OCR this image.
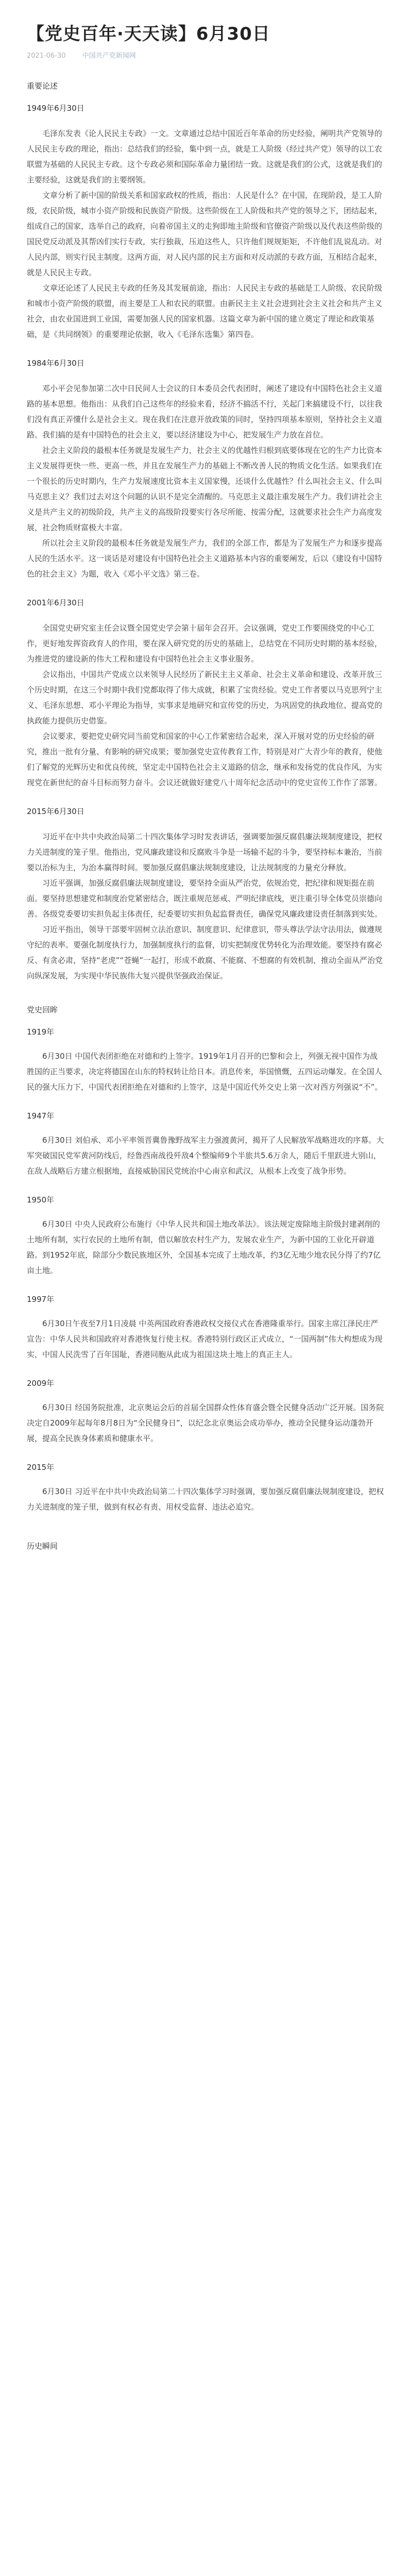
【党史百年·天天读】6月30日
2021-06-30 中国共产党新闻网
重要论述
1949年6月30日

毛泽东发表《论人民民主专政》一文。文章通过总结中国近百年革命的历史经验，阐明共产党领导的人民民主专政的理论，指出：总结我们的经验，集中到一点，就是工人阶级（经过共产党）领导的以工农联盟为基础的人民民主专政。这个专政必须和国际革命力量团结一致。这就是我们的公式，这就是我们的主要经验，这就是我们的主要纲领。

文章分析了新中国的阶级关系和国家政权的性质，指出：人民是什么？在中国，在现阶段，是工人阶级，农民阶级，城市小资产阶级和民族资产阶级。这些阶级在工人阶级和共产党的领导之下，团结起来，组成自己的国家，选举自己的政府，向着帝国主义的走狗即地主阶级和官僚资产阶级以及代表这些阶级的国民党反动派及其帮凶们实行专政，实行独裁，压迫这些人，只许他们规规矩矩，不许他们乱说乱动。对人民内部，则实行民主制度。这两方面，对人民内部的民主方面和对反动派的专政方面，互相结合起来，就是人民民主专政。

文章还论述了人民民主专政的任务及其发展前途，指出：人民民主专政的基础是工人阶级、农民阶级和城市小资产阶级的联盟，而主要是工人和农民的联盟。由新民主主义社会进到社会主义社会和共产主义社会，由农业国进到工业国，需要加强人民的国家机器。这篇文章为新中国的建立奠定了理论和政策基础，是《共同纲领》的重要理论依据，收入《毛泽东选集》第四卷。

1984年6月30日

邓小平会见参加第二次中日民间人士会议的日本委员会代表团时，阐述了建设有中国特色社会主义道路的基本思想。他指出：从我们自己这些年的经验来看，经济不搞活不行，关起门来搞建设不行，以往我们没有真正弄懂什么是社会主义。现在我们在注意开放政策的同时，坚持四项基本原则，坚持社会主义道路。我们搞的是有中国特色的社会主义，要以经济建设为中心，把发展生产力放在首位。

社会主义阶段的最根本任务就是发展生产力，社会主义的优越性归根到底要体现在它的生产力比资本主义发展得更快一些、更高一些，并且在发展生产力的基础上不断改善人民的物质文化生活。如果我们在一个很长的历史时期内，生产力发展速度比资本主义国家慢，还谈什么优越性？什么叫社会主义、什么叫马克思主义？我们过去对这个问题的认识不是完全清醒的。马克思主义最注重发展生产力。我们讲社会主义是共产主义的初级阶段，共产主义的高级阶段要实行各尽所能、按需分配，这就要求社会生产力高度发展，社会物质财富极大丰富。

所以社会主义阶段的最根本任务就是发展生产力，我们的全部工作，都是为了发展生产力和逐步提高人民的生活水平。这一谈话是对建设有中国特色社会主义道路基本内容的重要阐发，后以《建设有中国特色的社会主义》为题，收入《邓小平文选》第三卷。

2001年6月30日

全国党史研究室主任会议暨全国党史学会第十届年会召开。会议强调，党史工作要围绕党的中心工作，更好地发挥资政育人的作用，要在深入研究党的历史的基础上，总结党在不同历史时期的基本经验，为推进党的建设新的伟大工程和建设有中国特色社会主义事业服务。

会议指出，中国共产党成立以来领导人民经历了新民主主义革命、社会主义革命和建设、改革开放三个历史时期，在这三个时期中我们党都取得了伟大成就，积累了宝贵经验。党史工作者要以马克思列宁主义、毛泽东思想、邓小平理论为指导，实事求是地研究和宣传党的历史，为巩固党的执政地位、提高党的执政能力提供历史借鉴。

会议要求，要把党史研究同当前党和国家的中心工作紧密结合起来，深入开展对党的历史经验的研究，推出一批有分量、有影响的研究成果；要加强党史宣传教育工作，特别是对广大青少年的教育，使他们了解党的光辉历史和优良传统，坚定走中国特色社会主义道路的信念，继承和发扬党的优良作风，为实现党在新世纪的奋斗目标而努力奋斗。会议还就做好建党八十周年纪念活动中的党史宣传工作作了部署。

2015年6月30日

习近平在中共中央政治局第二十四次集体学习时发表讲话，强调要加强反腐倡廉法规制度建设，把权力关进制度的笼子里。他指出，党风廉政建设和反腐败斗争是一场输不起的斗争，要坚持标本兼治，当前要以治标为主，为治本赢得时间。要加强反腐倡廉法规制度建设，让法规制度的力量充分释放。

习近平强调，加强反腐倡廉法规制度建设，要坚持全面从严治党，依规治党，把纪律和规矩挺在前面。要坚持思想建党和制度治党紧密结合，既注重规范惩戒、严明纪律底线，更注重引导全体党员崇德向善。各级党委要切实担负起主体责任，纪委要切实担负起监督责任，确保党风廉政建设责任制落到实处。

习近平指出，领导干部要牢固树立法治意识、制度意识、纪律意识，带头尊法学法守法用法，做遵规守纪的表率。要强化制度执行力，加强制度执行的监督，切实把制度优势转化为治理效能。要坚持有腐必反、有贪必肃，坚持“老虎”“苍蝇”一起打，形成不敢腐、不能腐、不想腐的有效机制，推动全面从严治党向纵深发展，为实现中华民族伟大复兴提供坚强政治保证。

党史回眸
1919年

6月30日 中国代表团拒绝在对德和约上签字。1919年1月召开的巴黎和会上，列强无视中国作为战胜国的正当要求，决定将德国在山东的特权转让给日本。消息传来，举国愤慨，五四运动爆发。在全国人民的强大压力下，中国代表团拒绝在对德和约上签字，这是中国近代外交史上第一次对西方列强说“不”。

1947年

6月30日 刘伯承、邓小平率领晋冀鲁豫野战军主力强渡黄河，揭开了人民解放军战略进攻的序幕。大军突破国民党军黄河防线后，经鲁西南战役歼敌4个整编师9个半旅共5.6万余人，随后千里跃进大别山，在敌人战略后方建立根据地，直接威胁国民党统治中心南京和武汉，从根本上改变了战争形势。

1950年

6月30日 中央人民政府公布施行《中华人民共和国土地改革法》。该法规定废除地主阶级封建剥削的土地所有制，实行农民的土地所有制，借以解放农村生产力，发展农业生产，为新中国的工业化开辟道路。到1952年底，除部分少数民族地区外，全国基本完成了土地改革，约3亿无地少地农民分得了约7亿亩土地。

1997年

6月30日午夜至7月1日凌晨 中英两国政府香港政权交接仪式在香港隆重举行。国家主席江泽民庄严宣告：中华人民共和国政府对香港恢复行使主权。香港特别行政区正式成立，“一国两制”伟大构想成为现实，中国人民洗雪了百年国耻，香港同胞从此成为祖国这块土地上的真正主人。

2009年

6月30日 经国务院批准，北京奥运会后的首届全国群众性体育盛会暨全民健身活动广泛开展。国务院决定自2009年起每年8月8日为“全民健身日”，以纪念北京奥运会成功举办，推动全民健身运动蓬勃开展，提高全民族身体素质和健康水平。

2015年

6月30日 习近平在中共中央政治局第二十四次集体学习时强调，要加强反腐倡廉法规制度建设，把权力关进制度的笼子里，做到有权必有责、用权受监督、违法必追究。

历史瞬间
